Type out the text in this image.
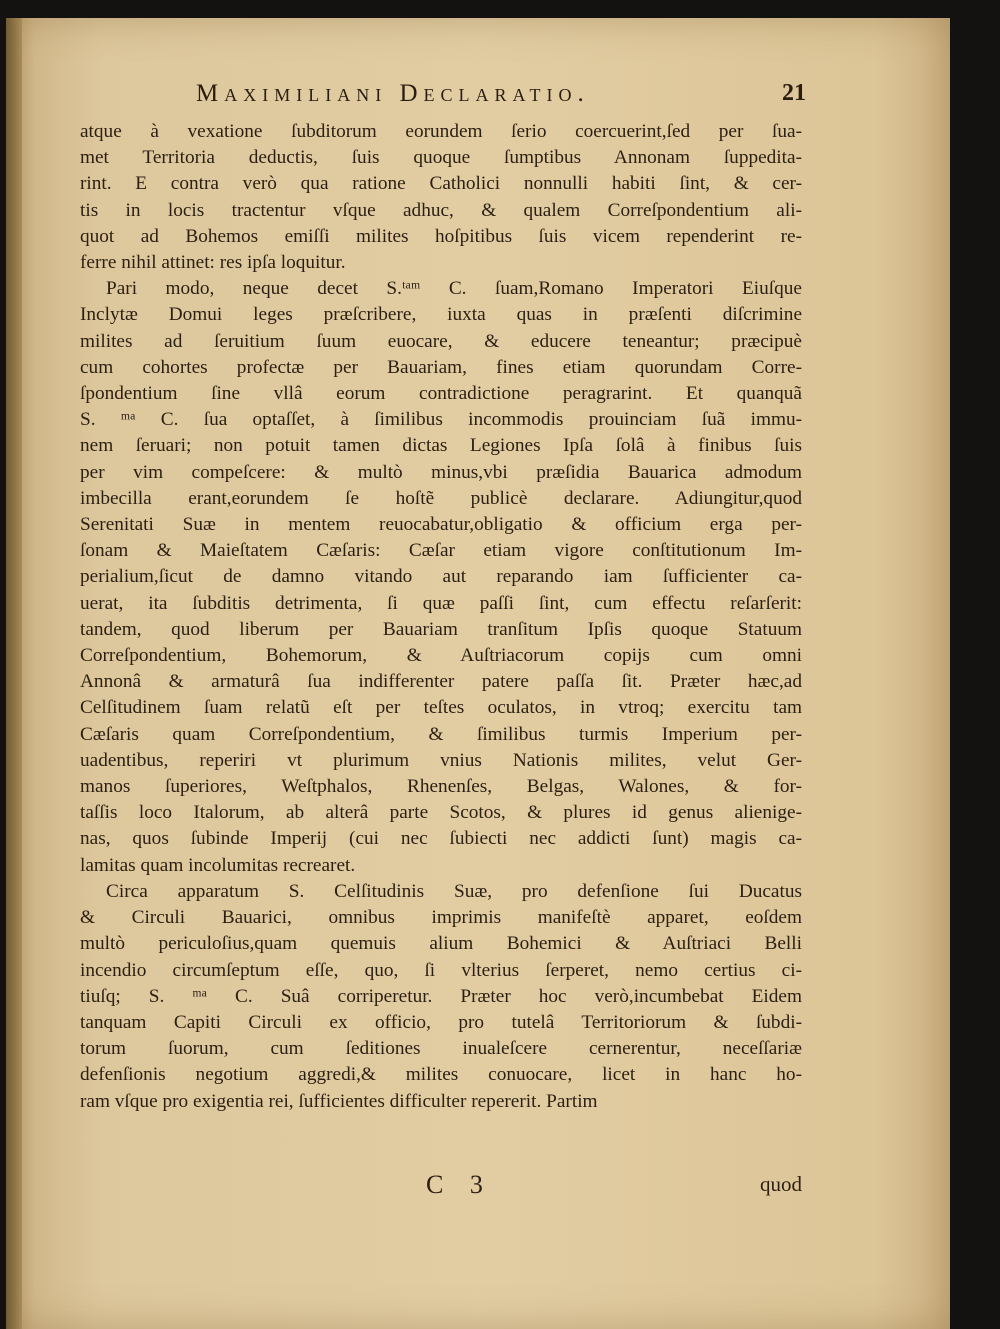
Maximiliani Declaratio.	21
atque à vexatione ſubditorum eorundem ſerio coercuerint,ſed per ſua-
met Territoria deductis, ſuis quoque ſumptibus Annonam ſuppedita-
rint. E contra verò qua ratione Catholici nonnulli habiti ſint, & cer-
tis in locis tractentur vſque adhuc, & qualem Correſpondentium ali-
quot ad Bohemos emiſſi milites hoſpitibus ſuis vicem rependerint re-
ferre nihil attinet: res ipſa loquitur.
Pari modo, neque decet S.ᵗᵃᵐ C. ſuam,Romano Imperatori Eiuſque
Inclytæ Domui leges præſcribere, iuxta quas in præſenti diſcrimine
milites ad ſeruitium ſuum euocare, & educere teneantur; præcipuè
cum cohortes profectæ per Bauariam, fines etiam quorundam Corre-
ſpondentium ſine vllâ eorum contradictione peragrarint. Et quanquã
S. ᵐᵃ C. ſua optaſſet, à ſimilibus incommodis prouinciam ſuã immu-
nem ſeruari; non potuit tamen dictas Legiones Ipſa ſolâ à finibus ſuis
per vim compeſcere: & multò minus,vbi præſidia Bauarica admodum
imbecilla erant,eorundem ſe hoſtẽ publicè declarare. Adiungitur,quod
Serenitati Suæ in mentem reuocabatur,obligatio & officium erga per-
ſonam & Maieſtatem Cæſaris: Cæſar etiam vigore conſtitutionum Im-
perialium,ſicut de damno vitando aut reparando iam ſufficienter ca-
uerat, ita ſubditis detrimenta, ſi quæ paſſi ſint, cum effectu reſarſerit:
tandem, quod liberum per Bauariam tranſitum Ipſis quoque Statuum
Correſpondentium, Bohemorum, & Auſtriacorum copijs cum omni
Annonâ & armaturâ ſua indifferenter patere paſſa ſit. Præter hæc,ad
Celſitudinem ſuam relatũ eſt per teſtes oculatos, in vtroq; exercitu tam
Cæſaris quam Correſpondentium, & ſimilibus turmis Imperium per-
uadentibus, reperiri vt plurimum vnius Nationis milites, velut Ger-
manos ſuperiores, Weſtphalos, Rhenenſes, Belgas, Walones, & for-
taſſis loco Italorum, ab alterâ parte Scotos, & plures id genus alienige-
nas, quos ſubinde Imperij (cui nec ſubiecti nec addicti ſunt) magis ca-
lamitas quam incolumitas recrearet.
Circa apparatum S. Celſitudinis Suæ, pro defenſione ſui Ducatus
& Circuli Bauarici, omnibus imprimis manifeſtè apparet, eoſdem
multò periculoſius,quam quemuis alium Bohemici & Auſtriaci Belli
incendio circumſeptum eſſe, quo, ſi vlterius ſerperet, nemo certius ci-
tiuſq; S. ᵐᵃ C. Suâ corriperetur. Præter hoc verò,incumbebat Eidem
tanquam Capiti Circuli ex officio, pro tutelâ Territoriorum & ſubdi-
torum ſuorum, cum ſeditiones inualeſcere cernerentur, neceſſariæ
defenſionis negotium aggredi,& milites conuocare, licet in hanc ho-
ram vſque pro exigentia rei, ſufficientes difficulter repererit. Partim
C 3	quod
